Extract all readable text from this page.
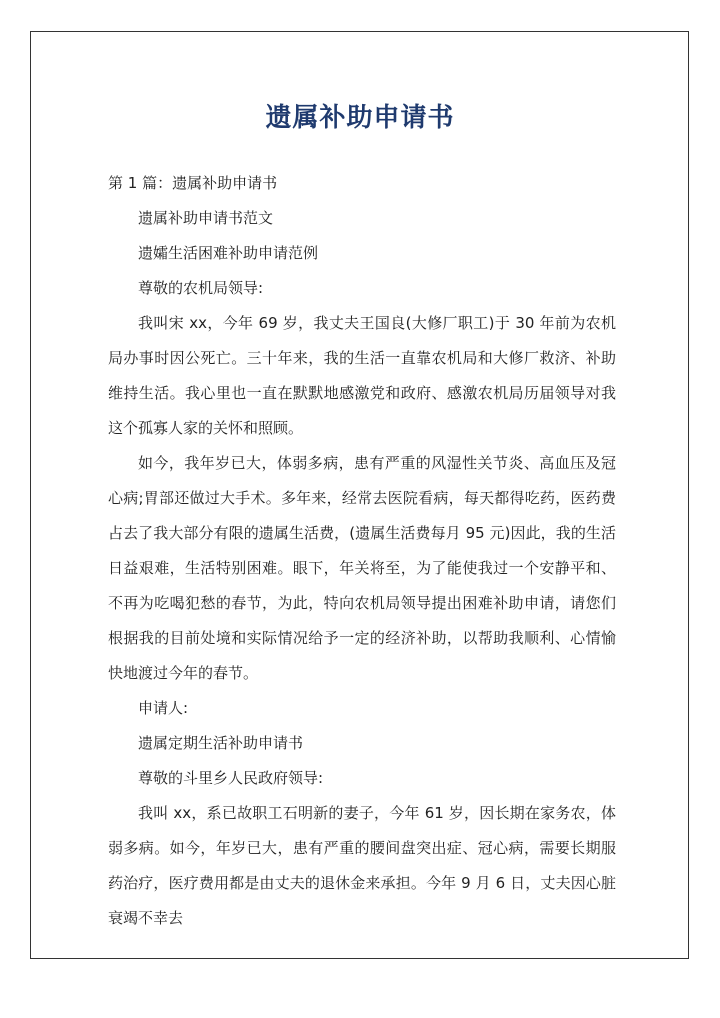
遗属补助申请书

第 1 篇：遗属补助申请书

遗属补助申请书范文

遗孀生活困难补助申请范例

尊敬的农机局领导:

我叫宋 xx，今年 69 岁，我丈夫王国良(大修厂职工)于 30 年前为农机局办事时因公死亡。三十年来，我的生活一直靠农机局和大修厂救济、补助维持生活。我心里也一直在默默地感激党和政府、感激农机局历届领导对我这个孤寡人家的关怀和照顾。

如今，我年岁已大，体弱多病，患有严重的风湿性关节炎、高血压及冠心病;胃部还做过大手术。多年来，经常去医院看病，每天都得吃药，医药费占去了我大部分有限的遗属生活费，(遗属生活费每月 95 元)因此，我的生活日益艰难，生活特别困难。眼下，年关将至，为了能使我过一个安静平和、不再为吃喝犯愁的春节，为此，特向农机局领导提出困难补助申请，请您们根据我的目前处境和实际情况给予一定的经济补助，以帮助我顺利、心情愉快地渡过今年的春节。

申请人:

遗属定期生活补助申请书

尊敬的斗里乡人民政府领导:

我叫 xx，系已故职工石明新的妻子，今年 61 岁，因长期在家务农，体弱多病。如今，年岁已大，患有严重的腰间盘突出症、冠心病，需要长期服药治疗，医疗费用都是由丈夫的退休金来承担。今年 9 月 6 日，丈夫因心脏衰竭不幸去
